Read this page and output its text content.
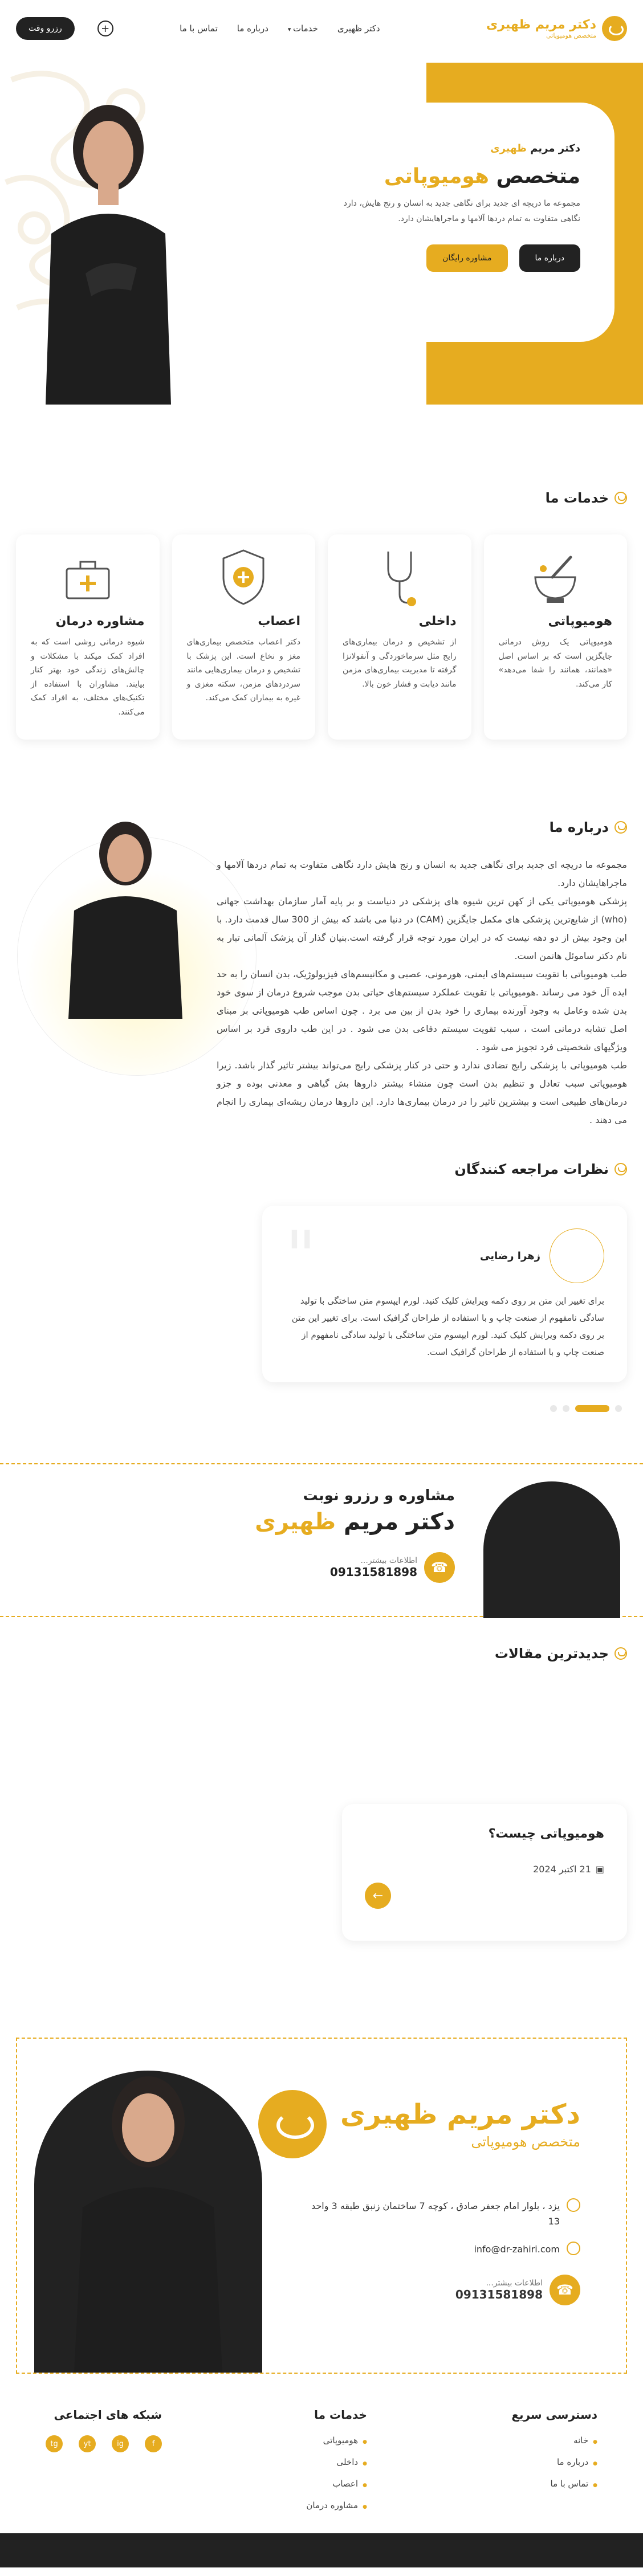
دکتر مریم ظهیری
متخصص هومیوپاتی
دکتر ظهیری
خدمات ▾
درباره ما
تماس با ما
+
رزرو وقت
دکتر مریم ظهیری
متخصص هومیوپاتی

مجموعه ما دریچه ای جدید برای نگاهی جدید به انسان و رنج هایش، دارد نگاهی متفاوت به تمام دردها آلامها و ماجراهایشان دارد.

درباره ما
مشاوره رایگان
خدمات ما
هومیوپاتی

هومیوپاتی یک روش درمانی جایگزین است که بر اساس اصل «همانند، همانند را شفا می‌دهد» کار می‌کند.

داخلی

از تشخیص و درمان بیماری‌های رایج مثل سرماخوردگی و آنفولانزا گرفته تا مدیریت بیماری‌های مزمن مانند دیابت و فشار خون بالا.

اعصاب

دکتر اعصاب متخصص بیماری‌های مغز و نخاع است. این پزشک با تشخیص و درمان بیماری‌هایی مانند سردردهای مزمن، سکته مغزی و غیره به بیماران کمک می‌کند.

مشاوره درمان

شیوه درمانی روشی است که به افراد کمک میکند با مشکلات و چالش‌های زندگی خود بهتر کنار بیایند. مشاوران با استفاده از تکنیک‌های مختلف، به افراد کمک می‌کنند.

درباره ما

مجموعه ما دریچه ای جدید برای نگاهی جدید به انسان و رنج هایش دارد نگاهی متفاوت به تمام دردها آلامها و ماجراهایشان دارد.

پزشکی هومیوپاتی یکی از کهن ترین شیوه های پزشکی در دنیاست و بر پایه آمار سازمان بهداشت جهانی (who) از شایع‌ترین پزشکی های مکمل جایگزین (CAM) در دنیا می باشد که بیش از 300 سال قدمت دارد. با این وجود بیش از دو دهه نیست که در ایران مورد توجه قرار گرفته است.بنیان گذار آن پزشک آلمانی تبار به نام دکتر ساموئل هانمن است.

طب هومیوپاتی با تقویت سیستم‌های ایمنی، هورمونی، عصبی و مکانیسم‌های فیزیولوژیک، بدن انسان را به حد ایده آل خود می رساند .هومیوپاتی با تقویت عملکرد سیستم‌های حیاتی بدن موجب شروع درمان از سوی خود بدن شده وعامل به وجود آورنده بیماری را خود بدن از بین می برد . چون اساس طب هومیوپاتی بر مبنای اصل تشابه درمانی است ، سبب تقویت سیستم دفاعی بدن می شود . در این طب داروی فرد بر اساس ویژگیهای شخصیتی فرد تجویز می شود .

طب هومیوپاتی با پزشکی رایج تضادی ندارد و حتی در کنار پزشکی رایج می‌تواند بیشتر تاثیر گذار باشد. زیرا هومیوپاتی سبب تعادل و تنظیم بدن است چون منشاء بیشتر داروها بش گیاهی و معدنی بوده و جزو درمان‌های طبیعی است و بیشترین تاثیر را در درمان بیماری‌ها دارد. این داروها درمان ریشه‌ای بیماری را انجام می دهند .

نظرات مراجعه کنندگان
"	زهرا رضایی

برای تغییر این متن بر روی دکمه ویرایش کلیک کنید. لورم ایپسوم متن ساختگی با تولید سادگی نامفهوم از صنعت چاپ و با استفاده از طراحان گرافیک است. برای تغییر این متن بر روی دکمه ویرایش کلیک کنید. لورم ایپسوم متن ساختگی با تولید سادگی نامفهوم از صنعت چاپ و با استفاده از طراحان گرافیک است.

مشاوره و رزرو نوبت
دکتر مریم ظهیری
☎
اطلاعات بیشتر...
09131581898
جدیدترین مقالات
هومیوپاتی چیست؟
▣
21 اکتبر 2024
←
دکتر مریم ظهیری
متخصص هومیوپاتی
یزد ، بلوار امام جعفر صادق ، کوچه 7 ساختمان زنبق طبقه 3 واحد 13
info@dr-zahiri.com
☎
اطلاعات بیشتر...
09131581898
دسترسی سریع
● خانه
● درباره ما
● تماس با ما
خدمات ما
● هومیوپاتی
● داخلی
● اعصاب
● مشاوره درمان
شبکه های اجتماعی
f
ig
yt
tg
